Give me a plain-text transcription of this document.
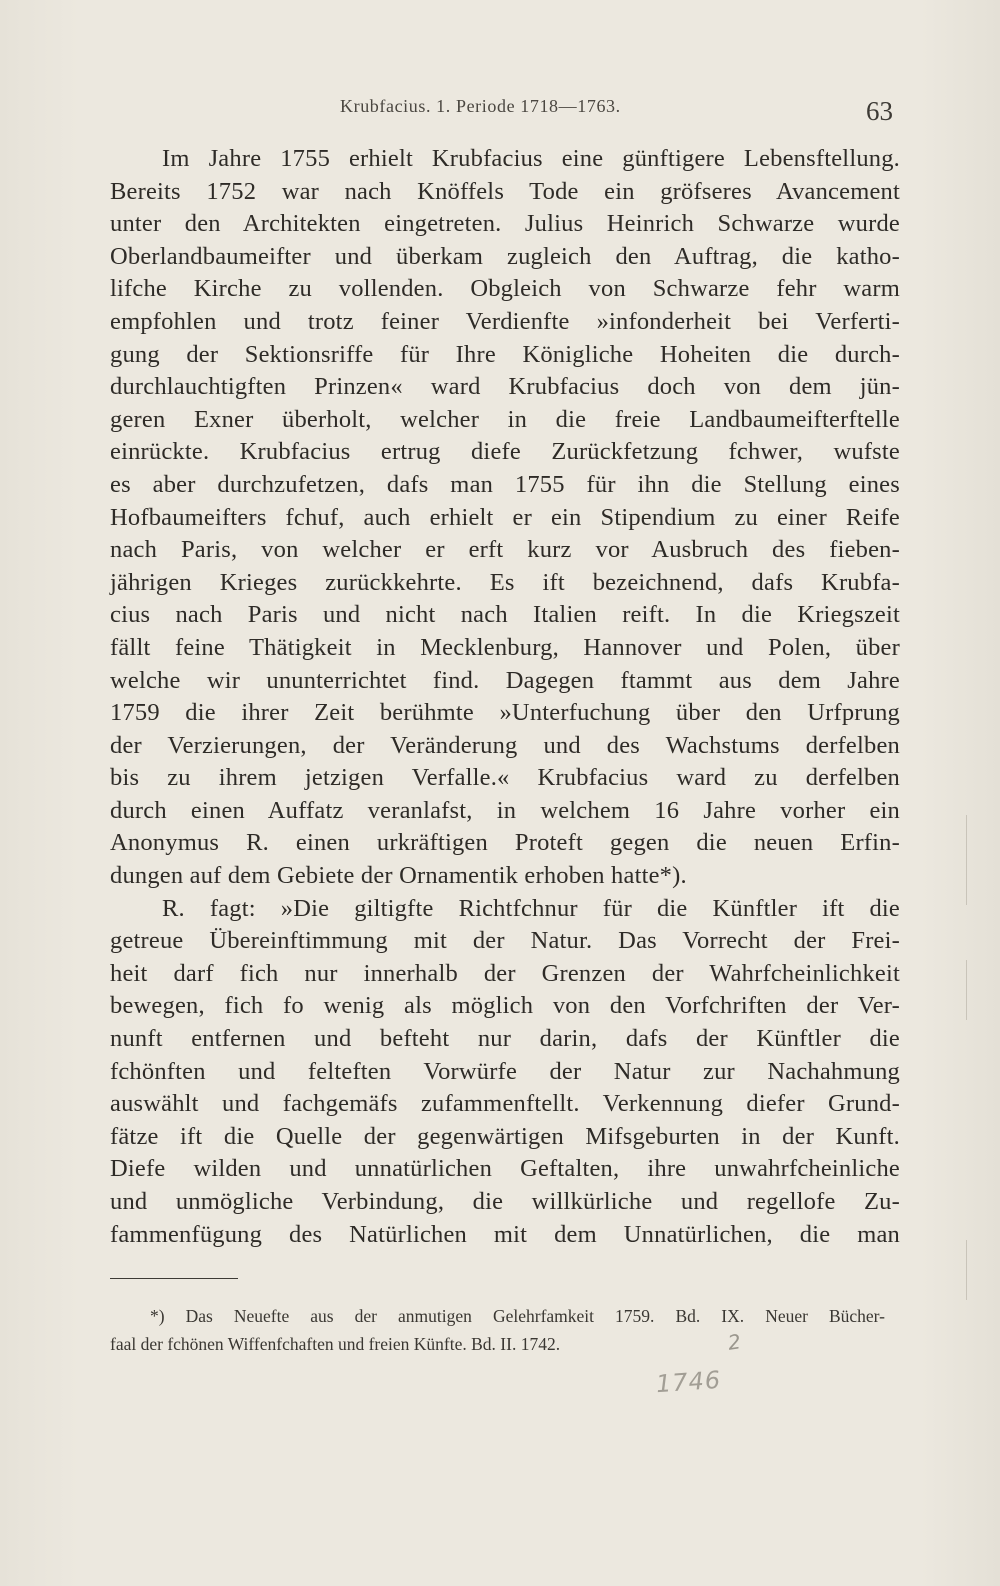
Krubfacius. 1. Periode 1718—1763.	63
Im Jahre 1755 erhielt Krubfacius eine günftigere Lebensftellung.
Bereits 1752 war nach Knöffels Tode ein gröfseres Avancement
unter den Architekten eingetreten. Julius Heinrich Schwarze wurde
Oberlandbaumeifter und überkam zugleich den Auftrag, die katho-
lifche Kirche zu vollenden. Obgleich von Schwarze fehr warm
empfohlen und trotz feiner Verdienfte »infonderheit bei Verferti-
gung der Sektionsriffe für Ihre Königliche Hoheiten die durch-
durchlauchtigften Prinzen« ward Krubfacius doch von dem jün-
geren Exner überholt, welcher in die freie Landbaumeifterftelle
einrückte. Krubfacius ertrug diefe Zurückfetzung fchwer, wufste
es aber durchzufetzen, dafs man 1755 für ihn die Stellung eines
Hofbaumeifters fchuf, auch erhielt er ein Stipendium zu einer Reife
nach Paris, von welcher er erft kurz vor Ausbruch des fieben-
jährigen Krieges zurückkehrte. Es ift bezeichnend, dafs Krubfa-
cius nach Paris und nicht nach Italien reift. In die Kriegszeit
fällt feine Thätigkeit in Mecklenburg, Hannover und Polen, über
welche wir ununterrichtet find. Dagegen ftammt aus dem Jahre
1759 die ihrer Zeit berühmte »Unterfuchung über den Urfprung
der Verzierungen, der Veränderung und des Wachstums derfelben
bis zu ihrem jetzigen Verfalle.« Krubfacius ward zu derfelben
durch einen Auffatz veranlafst, in welchem 16 Jahre vorher ein
Anonymus R. einen urkräftigen Proteft gegen die neuen Erfin-
dungen auf dem Gebiete der Ornamentik erhoben hatte*).
R. fagt: »Die giltigfte Richtfchnur für die Künftler ift die
getreue Übereinftimmung mit der Natur. Das Vorrecht der Frei-
heit darf fich nur innerhalb der Grenzen der Wahrfcheinlichkeit
bewegen, fich fo wenig als möglich von den Vorfchriften der Ver-
nunft entfernen und befteht nur darin, dafs der Künftler die
fchönften und felteften Vorwürfe der Natur zur Nachahmung
auswählt und fachgemäfs zufammenftellt. Verkennung diefer Grund-
fätze ift die Quelle der gegenwärtigen Mifsgeburten in der Kunft.
Diefe wilden und unnatürlichen Geftalten, ihre unwahrfcheinliche
und unmögliche Verbindung, die willkürliche und regellofe Zu-
fammenfügung des Natürlichen mit dem Unnatürlichen, die man
*) Das Neuefte aus der anmutigen Gelehrfamkeit 1759. Bd. IX. Neuer Bücher-
faal der fchönen Wiffenfchaften und freien Künfte. Bd. II. 1742.	2
1746
